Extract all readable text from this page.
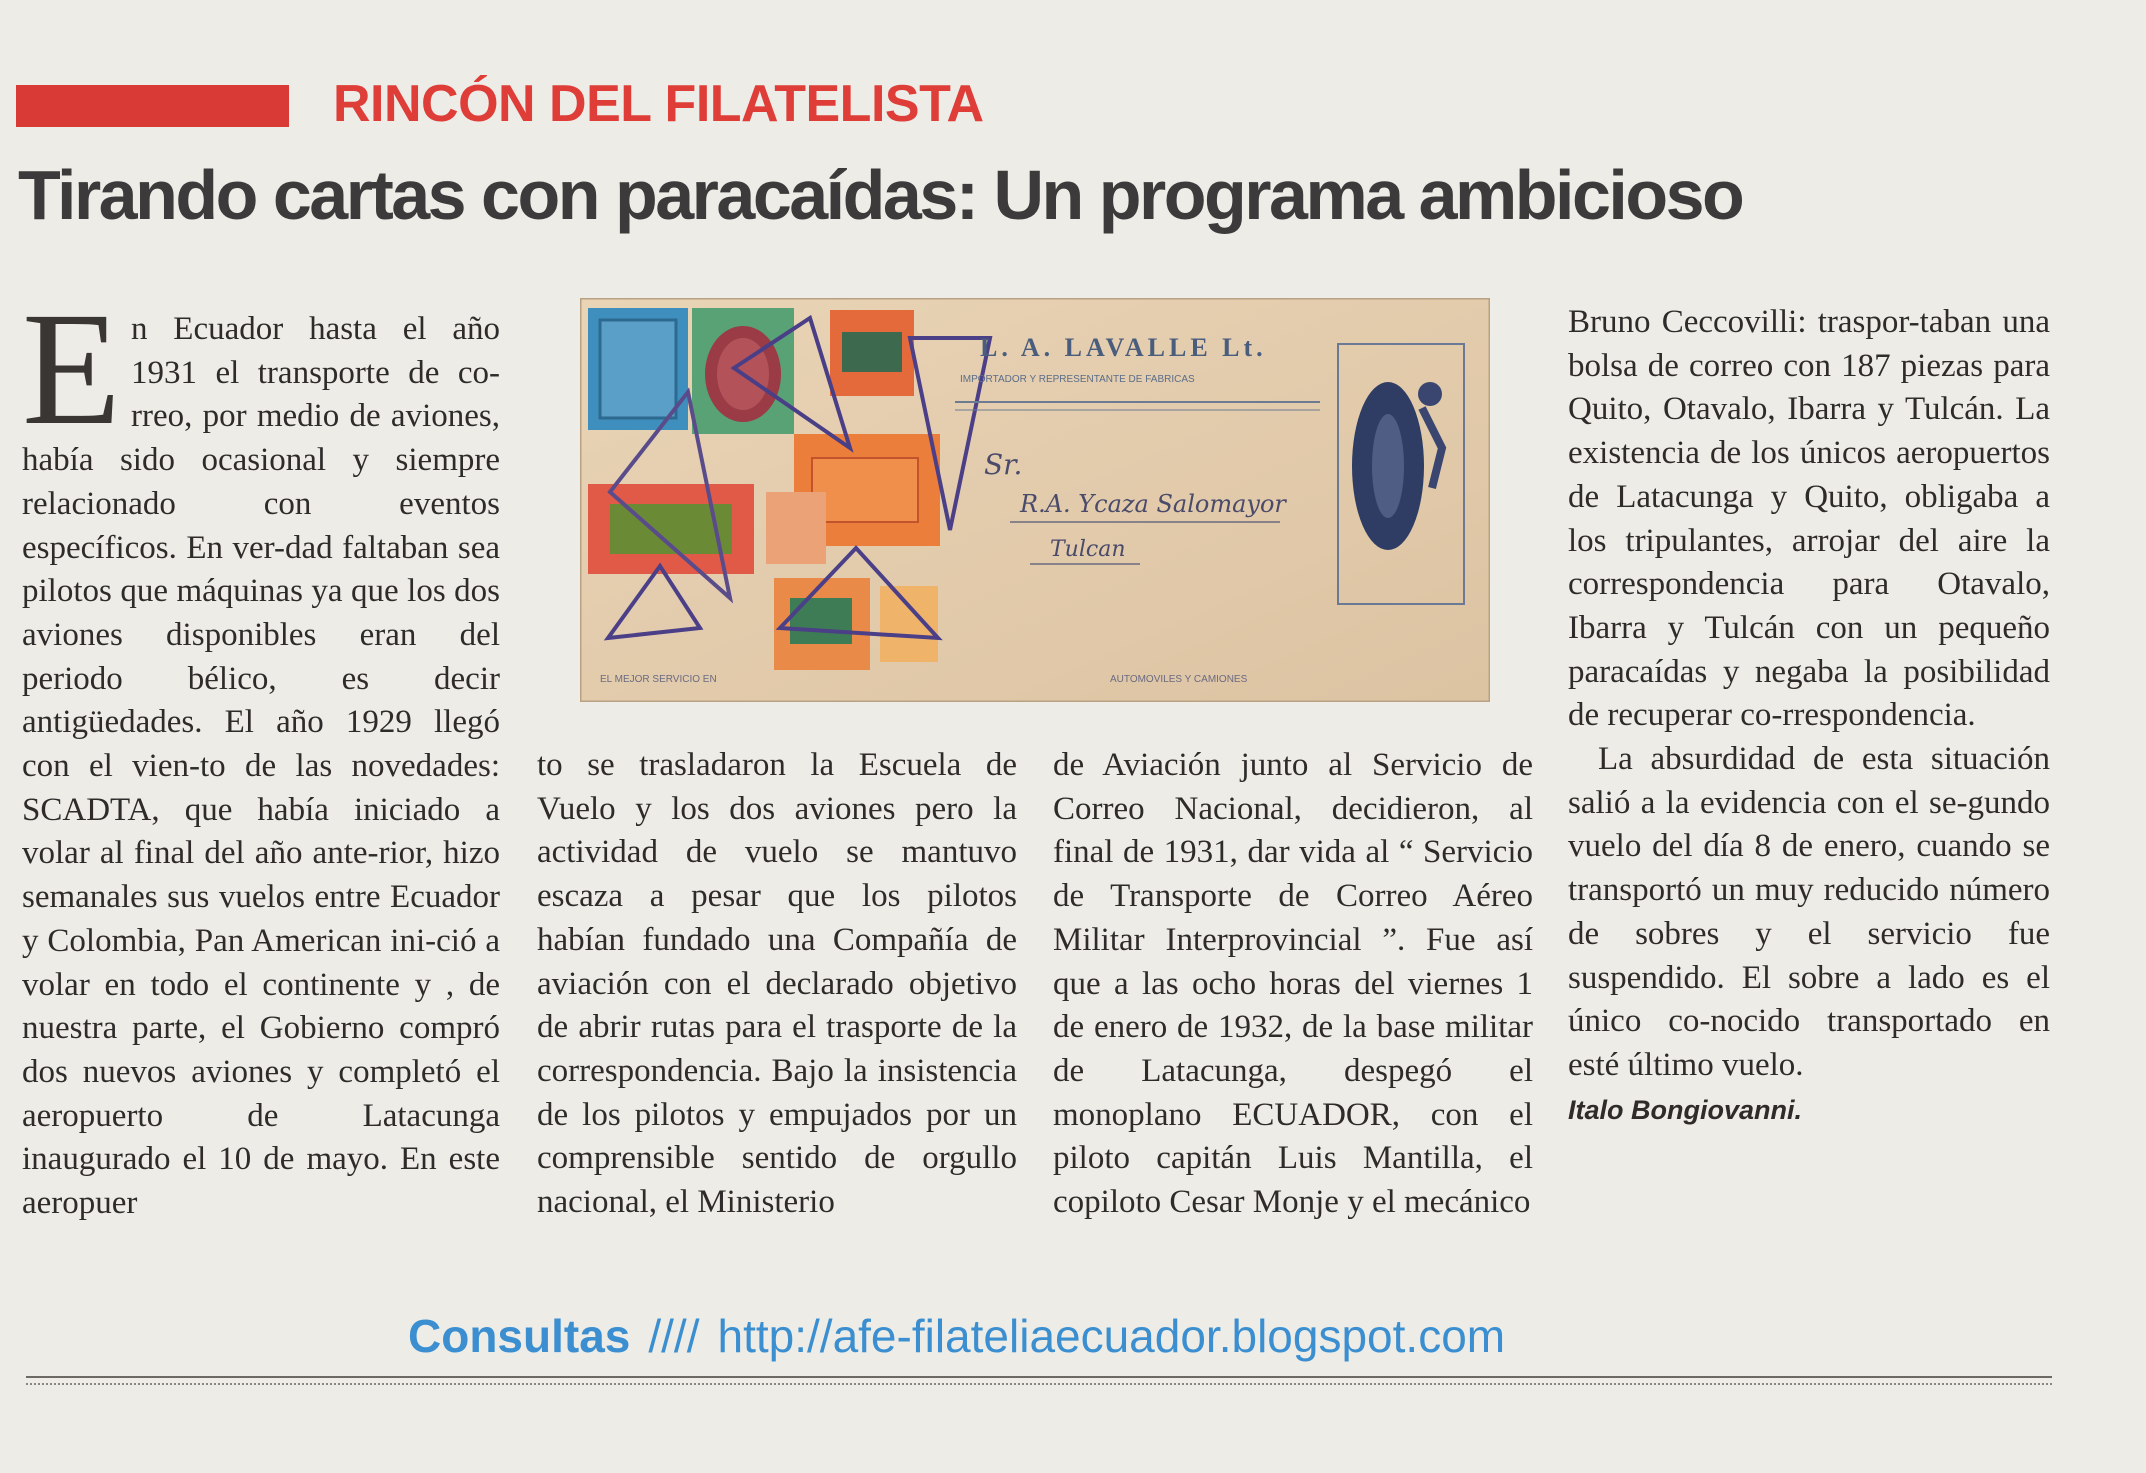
RINCÓN DEL FILATELISTA
Tirando cartas con paracaídas: Un programa ambicioso

En Ecuador hasta el año 1931 el transporte de correo, por medio de aviones, había sido ocasional y siempre relacionado con eventos específicos. En ver-dad faltaban sea pilotos que máquinas ya que los dos aviones disponibles eran del periodo bélico, es decir antigüedades. El año 1929 llegó con el vien-to de las novedades: SCADTA, que había iniciado a volar al final del año ante-rior, hizo semanales sus vuelos entre Ecuador y Colombia, Pan American ini-ció a volar en todo el continente y , de nuestra parte, el Gobierno compró dos nuevos aviones y completó el aeropuerto de Latacunga inaugurado el 10 de mayo. En este aeropuer

L. A. LAVALLE Lt.
IMPORTADOR Y REPRESENTANTE DE FABRICAS
Sr.
R.A. Ycaza Salomayor
Tulcan
EL MEJOR SERVICIO EN	AUTOMOVILES Y CAMIONES

to se trasladaron la Escuela de Vuelo y los dos aviones pero la actividad de vuelo se mantuvo escaza a pesar que los pilotos habían fundado una Compañía de aviación con el declarado objetivo de abrir rutas para el trasporte de la correspondencia. Bajo la insistencia de los pilotos y empujados por un comprensible sentido de orgullo nacional, el Ministerio

de Aviación junto al Servicio de Correo Nacional, decidieron, al final de 1931, dar vida al “ Servicio de Transporte de Correo Aéreo Militar Interprovincial ”. Fue así que a las ocho horas del viernes 1 de enero de 1932, de la base militar de Latacunga, despegó el monoplano ECUADOR, con el piloto capitán Luis Mantilla, el copiloto Cesar Monje y el mecánico

Bruno Ceccovilli: traspor-taban una bolsa de correo con 187 piezas para Quito, Otavalo, Ibarra y Tulcán. La existencia de los únicos aeropuertos de Latacunga y Quito, obligaba a los tripulantes, arrojar del aire la correspondencia para Otavalo, Ibarra y Tulcán con un pequeño paracaídas y negaba la posibilidad de recuperar co-rrespondencia.

La absurdidad de esta situación salió a la evidencia con el se-gundo vuelo del día 8 de enero, cuando se transportó un muy reducido número de sobres y el servicio fue suspendido. El sobre a lado es el único co-nocido transportado en esté último vuelo.

Italo Bongiovanni.

Consultas //// http://afe-filateliaecuador.blogspot.com
